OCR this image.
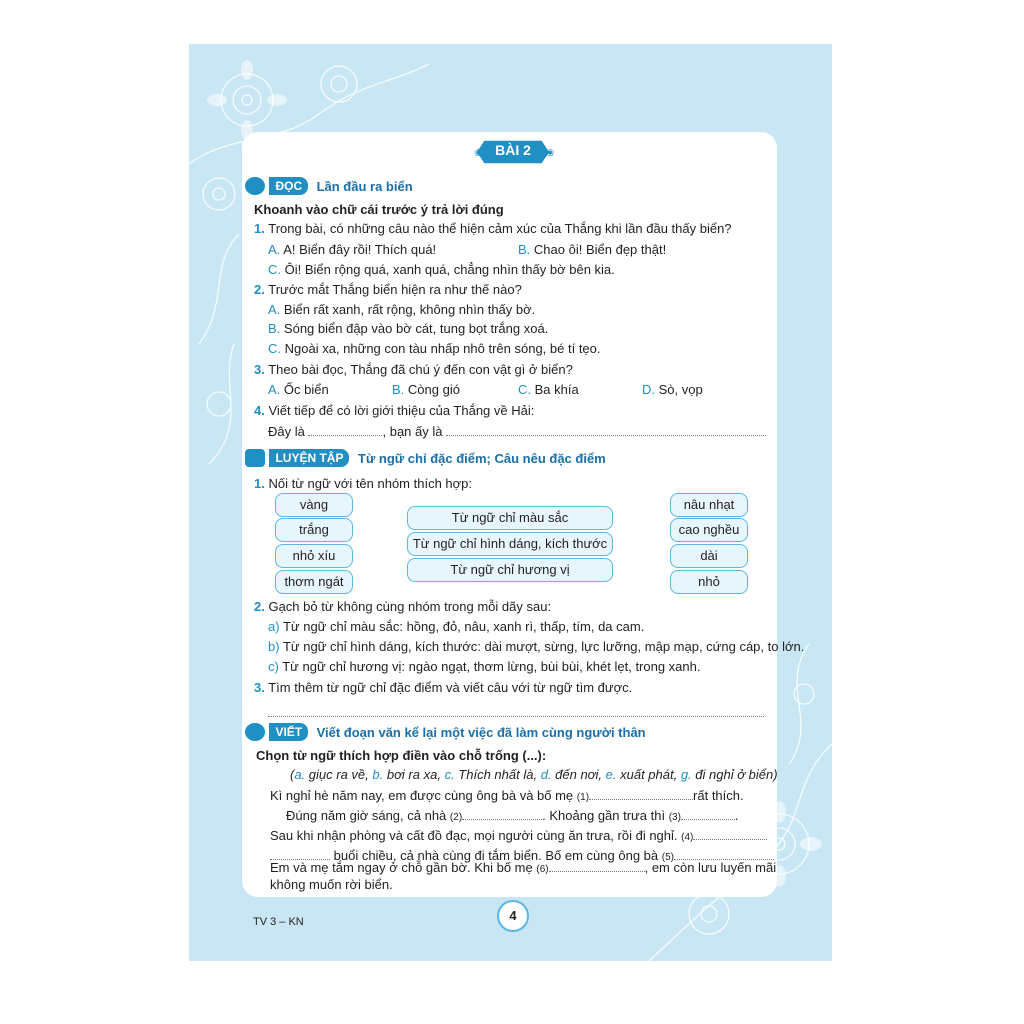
❀	❀
BÀI 2
ĐỌC Lần đầu ra biển
Khoanh vào chữ cái trước ý trả lời đúng
1. Trong bài, có những câu nào thể hiện cảm xúc của Thắng khi lần đầu thấy biển?
A. A! Biển đây rồi! Thích quá!	B. Chao ôi! Biển đẹp thật!
C. Ôi! Biển rộng quá, xanh quá, chẳng nhìn thấy bờ bên kia.
2. Trước mắt Thắng biển hiện ra như thế nào?
A. Biển rất xanh, rất rộng, không nhìn thấy bờ.
B. Sóng biển đập vào bờ cát, tung bọt trắng xoá.
C. Ngoài xa, những con tàu nhấp nhô trên sóng, bé tí tẹo.
3. Theo bài đọc, Thắng đã chú ý đến con vật gì ở biển?
A. Ốc biển	B. Còng gió	C. Ba khía	D. Sò, vọp
4. Viết tiếp để có lời giới thiệu của Thắng về Hải:
Đây là	, bạn ấy là
LUYỆN TẬP Từ ngữ chỉ đặc điểm; Câu nêu đặc điểm
1. Nối từ ngữ với tên nhóm thích hợp:
vàng
trắng
nhỏ xíu
thơm ngát
Từ ngữ chỉ màu sắc
Từ ngữ chỉ hình dáng, kích thước
Từ ngữ chỉ hương vị
nâu nhạt
cao nghều
dài
nhỏ
2. Gạch bỏ từ không cùng nhóm trong mỗi dãy sau:
a) Từ ngữ chỉ màu sắc: hồng, đỏ, nâu, xanh rì, thấp, tím, da cam.
b) Từ ngữ chỉ hình dáng, kích thước: dài mượt, sừng, lực lưỡng, mập mạp, cứng cáp, to lớn.
c) Từ ngữ chỉ hương vị: ngào ngạt, thơm lừng, bùi bùi, khét lẹt, trong xanh.
3. Tìm thêm từ ngữ chỉ đặc điểm và viết câu với từ ngữ tìm được.
VIẾT Viết đoạn văn kể lại một việc đã làm cùng người thân
Chọn từ ngữ thích hợp điền vào chỗ trống (...):
(a. giục ra về, b. bơi ra xa, c. Thích nhất là, d. đến nơi, e. xuất phát, g. đi nghỉ ở biển)
Kì nghỉ hè năm nay, em được cùng ông bà và bố mẹ (1)	rất thích.
Đúng năm giờ sáng, cả nhà (2)	. Khoảng gần trưa thì (3)	.
Sau khi nhận phòng và cất đồ đạc, mọi người cùng ăn trưa, rồi đi nghỉ. (4)
buổi chiều, cả nhà cùng đi tắm biển. Bố em cùng ông bà (5)
Em và mẹ tắm ngay ở chỗ gần bờ. Khi bố mẹ (6)	, em còn lưu luyến mãi
không muốn rời biển.
4
TV 3 – KN
